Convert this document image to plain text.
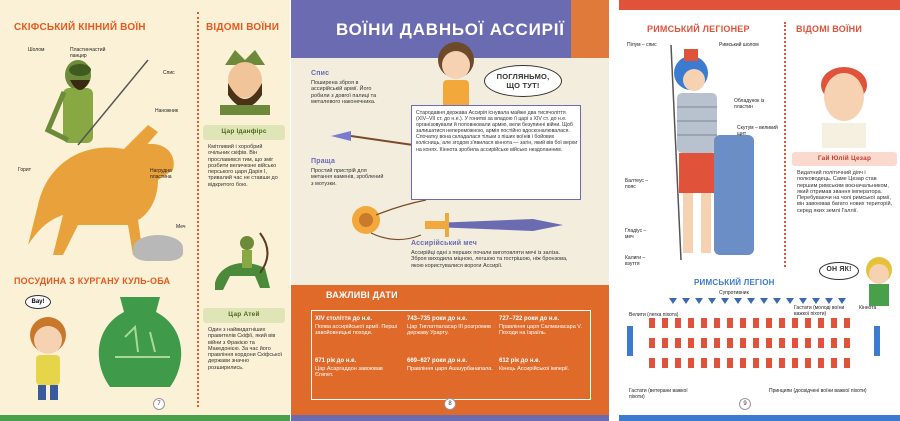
СКІФСЬКИЙ КІННИЙ ВОЇН	ВІДОМІ ВОЇНИ
Шолом	Пластинчастий панцир
Спис
Наножник
Нагрудна пластина
Горит
Меч
Цар Іданфірс
Кмітливий і хоробрий очільник скіфів. Він прославився тим, що зміг розбити величезне військо перського царя Дарія I, тривалий час не ставши до відкритого бою.
Цар Атей
Один з найвидатніших правителів Скіфії, який вів війни з Фракією та Македонією. За час його правління кордони Скіфської держави значно розширились.
ПОСУДИНА З КУРГАНУ КУЛЬ-ОБА
Вау!
7
ВОЇНИ ДАВНЬОЇ АССИРІЇ
ПОГЛЯНЬМО, ЩО ТУТ!
Спис
Поширена зброя в ассирійській армії. Його робили з довгої палиці та металевого наконечника.
Праща
Простий пристрій для метання каменів, зроблений з мотузки.
Стародавня держава Ассирія існувала майже два тисячоліття (XIV–VII ст. до н.е.). У гонитві за владою її царі з XIV ст. до н.е. організовували й поповнювали армію, вели безупинні війни. Щоб залишатися непереможною, армія постійно вдосконалювалася. Спочатку вона складалася тільки з піших воїнів і бойових колісниць, але згодом з'явилася кіннота — загін, який вів бої верхи на конях. Кіннота зробила ассирійське військо нездоланним.
Ассирійський меч
Ассирійці одні з перших почали виготовляти мечі із заліза. Зброя виходила міцною, легшою та гострішою, ніж бронзова, якою користувалися вороги Ассирії.
ВАЖЛИВІ ДАТИ
8
XIV століття до н.е.
Поява ассирійської армії. Перші завойовницькі походи.
743–735 роки до н.е.
Цар Тиглатпаласар III розгромив державу Урарту.
727–722 роки до н.е.
Правління царя Салманасара V. Походи на Ізраїль.
671 рік до н.е.
Цар Асаргаддон завоював Єгипет.
669–627 роки до н.е.
Правління царя Ашшурбанапала.
612 рік до н.е.
Кінець Ассирійської імперії.
РИМСЬКИЙ ЛЕГІОНЕР	ВІДОМІ ВОЇНИ
Пілум – спис	Римський шолом
Обладунок із пластин
Скутум – великий щит
Балтеус – пояс
Гладіус – меч
Калиги – взуття
Гай Юлій Цезар
Видатний політичний діяч і полководець. Саме Цезар став першим римським воєначальником, який отримав звання імператора. Перебуваючи на чолі римської армії, він завоював багато нових територій, серед яких землі Галлії.
ОН ЯК!
РИМСЬКИЙ ЛЕГІОН
Супротивник
Гастати (молоді воїни важкої піхоти)
Кіннота
Велити (легка піхота)
Гастати (ветерани важкої піхоти)
Принципи (досвідчені воїни важкої піхоти)
9
